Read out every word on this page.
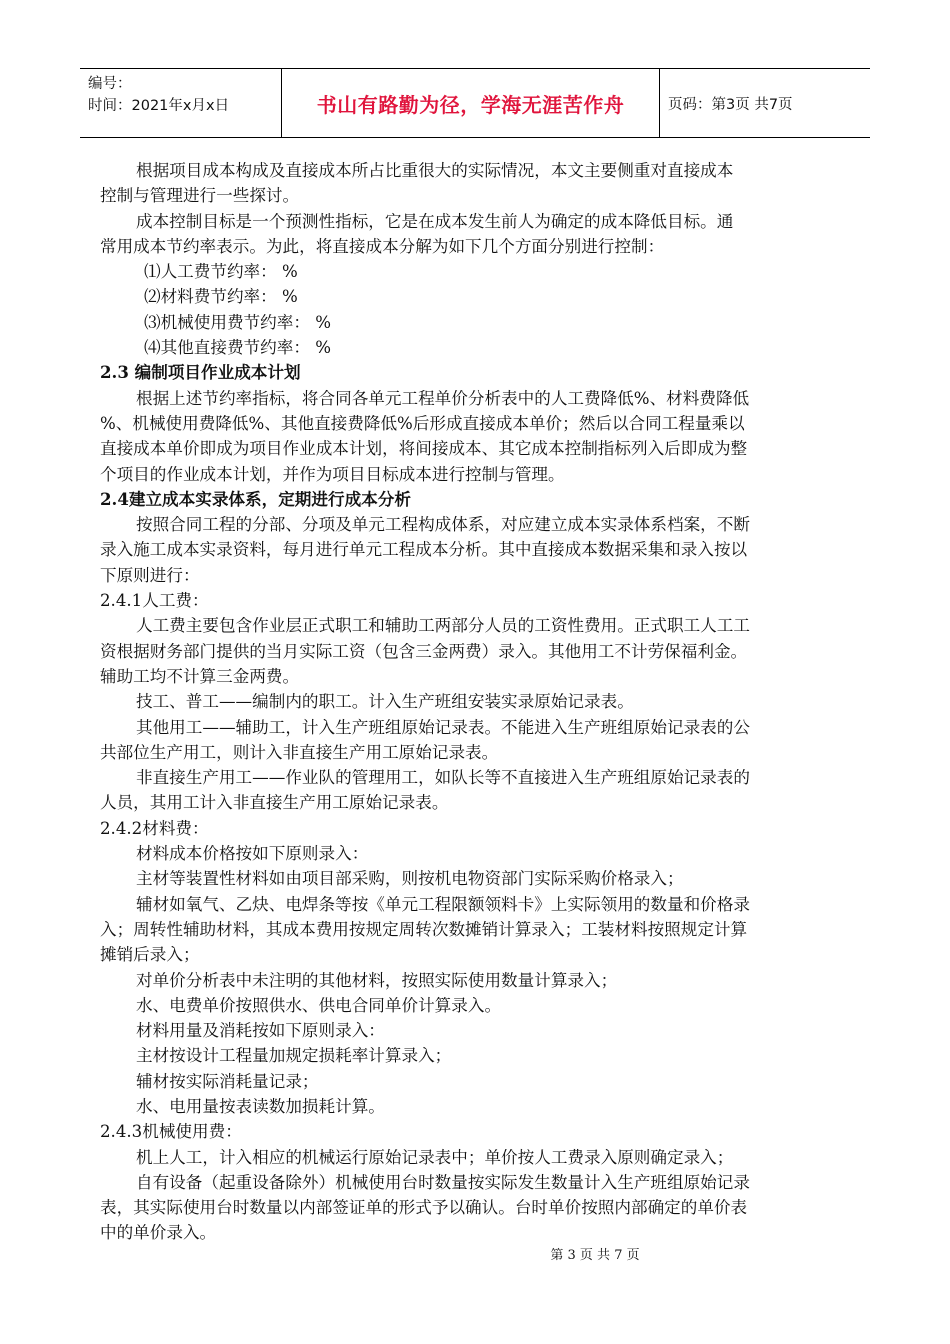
编号：
时间：2021年x月x日	书山有路勤为径，学海无涯苦作舟	页码：第3页 共7页
根据项目成本构成及直接成本所占比重很大的实际情况，本文主要侧重对直接成本
控制与管理进行一些探讨。
成本控制目标是一个预测性指标，它是在成本发生前人为确定的成本降低目标。通
常用成本节约率表示。为此，将直接成本分解为如下几个方面分别进行控制：
⑴人工费节约率： %
⑵材料费节约率： %
⑶机械使用费节约率： %
⑷其他直接费节约率： %
2.3 编制项目作业成本计划
根据上述节约率指标，将合同各单元工程单价分析表中的人工费降低%、材料费降低
%、机械使用费降低%、其他直接费降低%后形成直接成本单价；然后以合同工程量乘以
直接成本单价即成为项目作业成本计划，将间接成本、其它成本控制指标列入后即成为整
个项目的作业成本计划，并作为项目目标成本进行控制与管理。
2.4建立成本实录体系，定期进行成本分析
按照合同工程的分部、分项及单元工程构成体系，对应建立成本实录体系档案，不断
录入施工成本实录资料，每月进行单元工程成本分析。其中直接成本数据采集和录入按以
下原则进行：
2.4.1人工费：
人工费主要包含作业层正式职工和辅助工两部分人员的工资性费用。正式职工人工工
资根据财务部门提供的当月实际工资（包含三金两费）录入。其他用工不计劳保福利金。
辅助工均不计算三金两费。
技工、普工——编制内的职工。计入生产班组安装实录原始记录表。
其他用工——辅助工，计入生产班组原始记录表。不能进入生产班组原始记录表的公
共部位生产用工，则计入非直接生产用工原始记录表。
非直接生产用工——作业队的管理用工，如队长等不直接进入生产班组原始记录表的
人员，其用工计入非直接生产用工原始记录表。
2.4.2材料费：
材料成本价格按如下原则录入：
主材等装置性材料如由项目部采购，则按机电物资部门实际采购价格录入；
辅材如氧气、乙炔、电焊条等按《单元工程限额领料卡》上实际领用的数量和价格录
入；周转性辅助材料，其成本费用按规定周转次数摊销计算录入；工装材料按照规定计算
摊销后录入；
对单价分析表中未注明的其他材料，按照实际使用数量计算录入；
水、电费单价按照供水、供电合同单价计算录入。
材料用量及消耗按如下原则录入：
主材按设计工程量加规定损耗率计算录入；
辅材按实际消耗量记录；
水、电用量按表读数加损耗计算。
2.4.3机械使用费：
机上人工，计入相应的机械运行原始记录表中；单价按人工费录入原则确定录入；
自有设备（起重设备除外）机械使用台时数量按实际发生数量计入生产班组原始记录
表，其实际使用台时数量以内部签证单的形式予以确认。台时单价按照内部确定的单价表
中的单价录入。
第 3 页 共 7 页
